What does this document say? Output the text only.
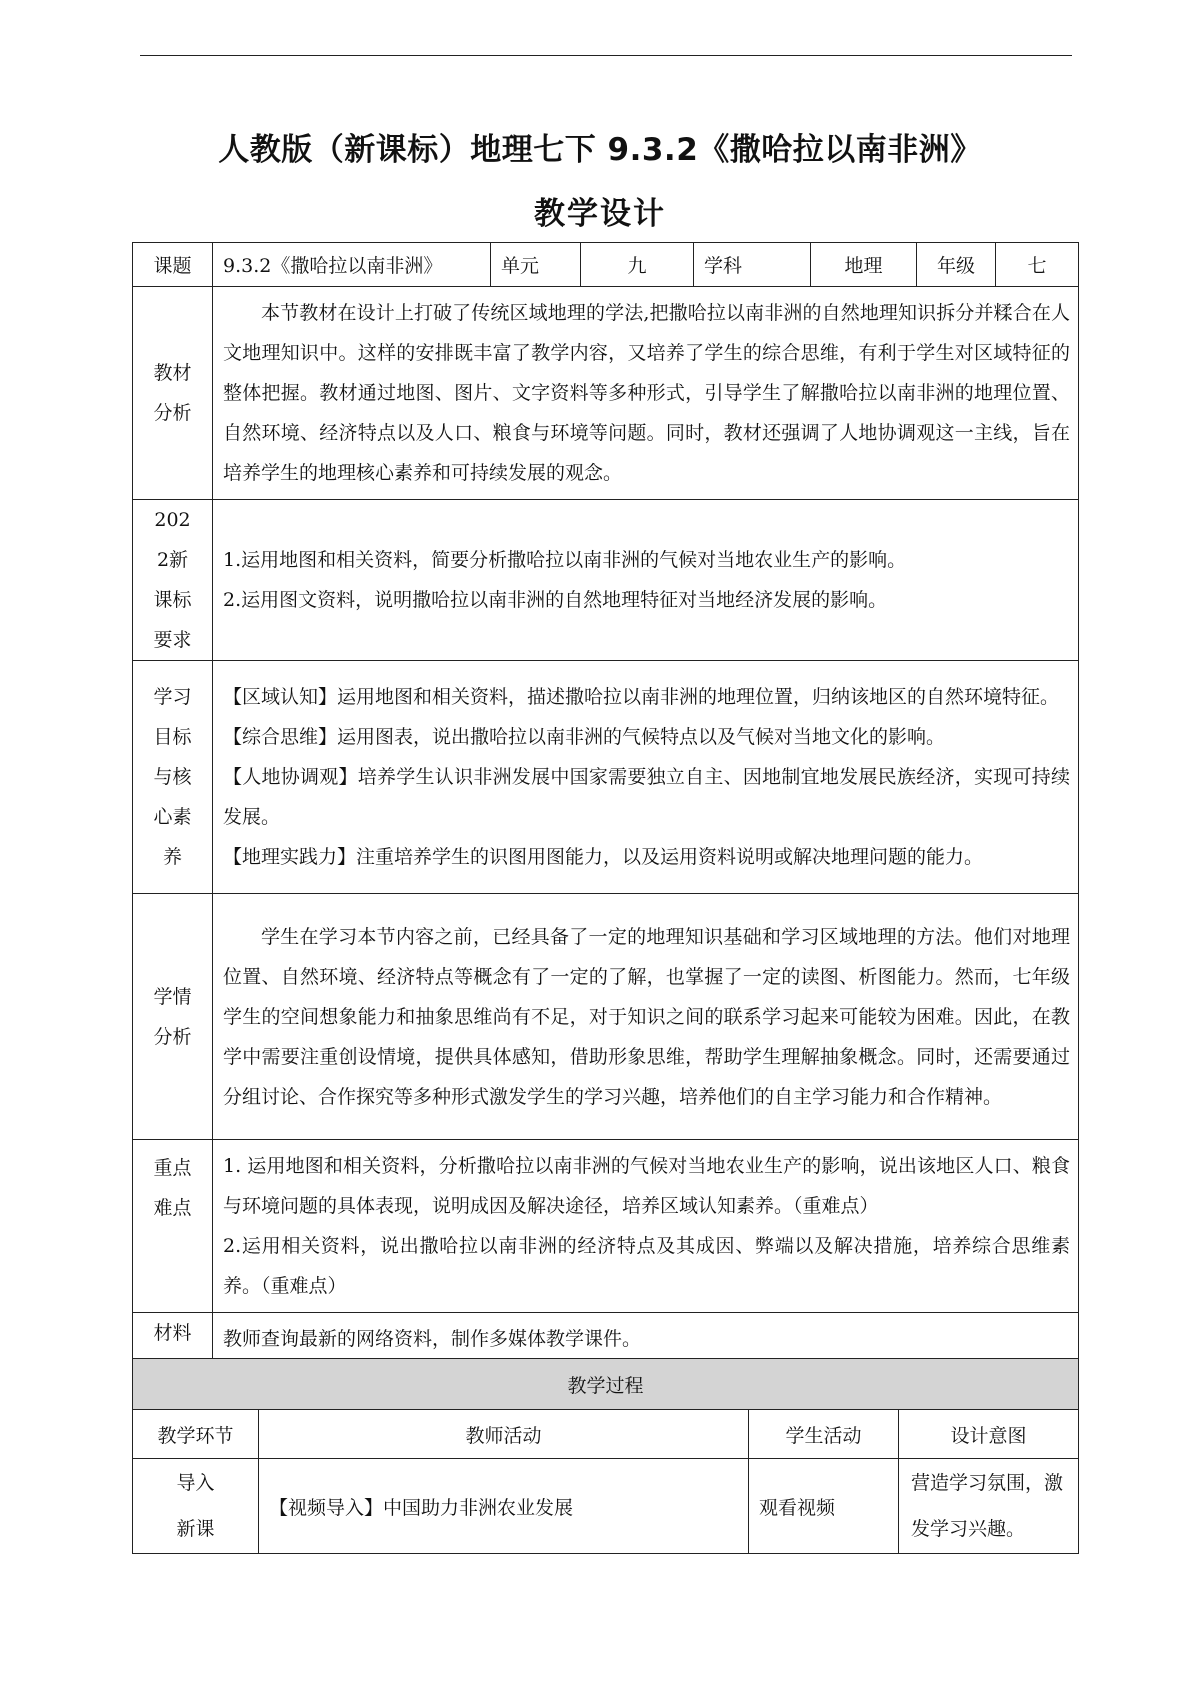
人教版（新课标）地理七下 9.3.2《撒哈拉以南非洲》
教学设计
课题	9.3.2《撒哈拉以南非洲》	单元	九	学科	地理	年级	七
教材分析	本节教材在设计上打破了传统区域地理的学法,把撒哈拉以南非洲的自然地理知识拆分并糅合在人文地理知识中。这样的安排既丰富了教学内容，又培养了学生的综合思维，有利于学生对区域特征的整体把握。教材通过地图、图片、文字资料等多种形式，引导学生了解撒哈拉以南非洲的地理位置、自然环境、经济特点以及人口、粮食与环境等问题。同时，教材还强调了人地协调观这一主线，旨在培养学生的地理核心素养和可持续发展的观念。						
2022新课标要求	1.运用地图和相关资料，简要分析撒哈拉以南非洲的气候对当地农业生产的影响。
2.运用图文资料，说明撒哈拉以南非洲的自然地理特征对当地经济发展的影响。						

学习目标与核心素养	【区域认知】运用地图和相关资料，描述撒哈拉以南非洲的地理位置，归纳该地区的自然环境特征。
【综合思维】运用图表，说出撒哈拉以南非洲的气候特点以及气候对当地文化的影响。
【人地协调观】培养学生认识非洲发展中国家需要独立自主、因地制宜地发展民族经济，实现可持续发展。
【地理实践力】注重培养学生的识图用图能力，以及运用资料说明或解决地理问题的能力。						

学情分析	学生在学习本节内容之前，已经具备了一定的地理知识基础和学习区域地理的方法。他们对地理位置、自然环境、经济特点等概念有了一定的了解，也掌握了一定的读图、析图能力。然而，七年级学生的空间想象能力和抽象思维尚有不足，对于知识之间的联系学习起来可能较为困难。因此，在教学中需要注重创设情境，提供具体感知，借助形象思维，帮助学生理解抽象概念。同时，还需要通过分组讨论、合作探究等多种形式激发学生的学习兴趣，培养他们的自主学习能力和合作精神。						
重点难点	1. 运用地图和相关资料，分析撒哈拉以南非洲的气候对当地农业生产的影响，说出该地区人口、粮食与环境问题的具体表现，说明成因及解决途径，培养区域认知素养。（重难点）
2.运用相关资料，说出撒哈拉以南非洲的经济特点及其成因、弊端以及解决措施，培养综合思维素养。（重难点）						

材料	教师查询最新的网络资料，制作多媒体教学课件。						
教学过程			
教学环节	教师活动	学生活动	设计意图
导入新课	【视频导入】中国助力非洲农业发展	观看视频	营造学习氛围，激发学习兴趣。
